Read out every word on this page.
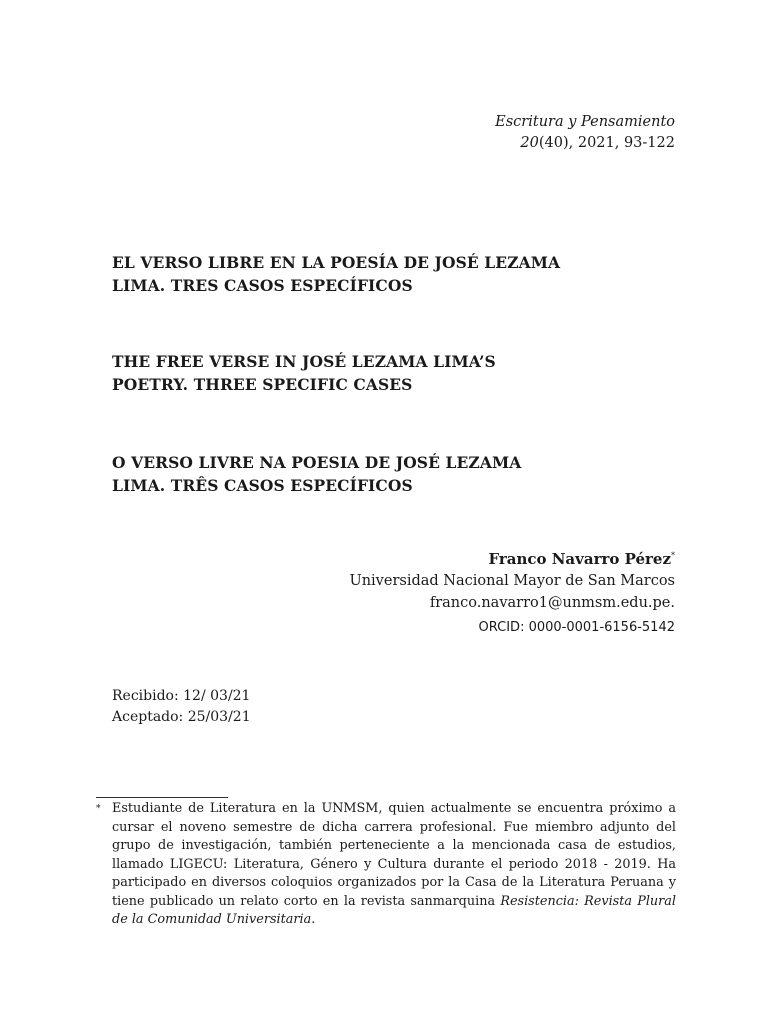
Escritura y Pensamiento
20(40), 2021, 93-122
EL VERSO LIBRE EN LA POESÍA DE JOSÉ LEZAMA
LIMA. TRES CASOS ESPECÍFICOS
THE FREE VERSE IN JOSÉ LEZAMA LIMA’S
POETRY. THREE SPECIFIC CASES
O VERSO LIVRE NA POESIA DE JOSÉ LEZAMA
LIMA. TRÊS CASOS ESPECÍFICOS
Franco Navarro Pérez*
Universidad Nacional Mayor de San Marcos
franco.navarro1@unmsm.edu.pe.
ORCID: 0000-0001-6156-5142
Recibido: 12/ 03/21
Aceptado: 25/03/21
* Estudiante de Literatura en la UNMSM, quien actualmente se encuentra próximo a cursar el noveno semestre de dicha carrera profesional. Fue miembro adjunto del grupo de investigación, también perteneciente a la mencionada casa de estudios, llamado LIGECU: Literatura, Género y Cultura durante el periodo 2018 - 2019. Ha participado en diversos coloquios organizados por la Casa de la Literatura Peruana y tiene publicado un relato corto en la revista sanmarquina Resistencia: Revista Plural de la Comunidad Universitaria.
